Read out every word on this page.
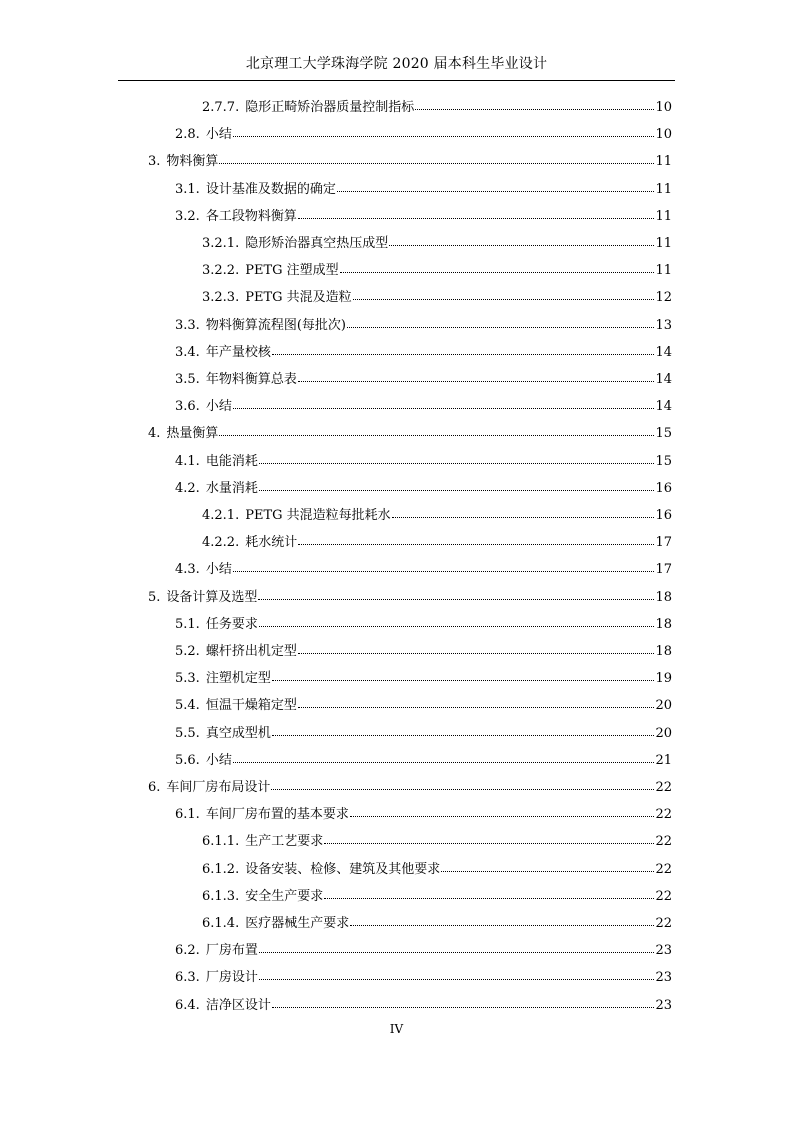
北京理工大学珠海学院 2020 届本科生毕业设计
2.7.7. 隐形正畸矫治器质量控制指标	10
2.8. 小结	10
3. 物料衡算	11
3.1. 设计基准及数据的确定	11
3.2. 各工段物料衡算	11
3.2.1. 隐形矫治器真空热压成型	11
3.2.2. PETG 注塑成型	11
3.2.3. PETG 共混及造粒	12
3.3. 物料衡算流程图(每批次)	13
3.4. 年产量校核	14
3.5. 年物料衡算总表	14
3.6. 小结	14
4. 热量衡算	15
4.1. 电能消耗	15
4.2. 水量消耗	16
4.2.1. PETG 共混造粒每批耗水	16
4.2.2. 耗水统计	17
4.3. 小结	17
5. 设备计算及选型	18
5.1. 任务要求	18
5.2. 螺杆挤出机定型	18
5.3. 注塑机定型	19
5.4. 恒温干燥箱定型	20
5.5. 真空成型机	20
5.6. 小结	21
6. 车间厂房布局设计	22
6.1. 车间厂房布置的基本要求	22
6.1.1. 生产工艺要求	22
6.1.2. 设备安装、检修、建筑及其他要求	22
6.1.3. 安全生产要求	22
6.1.4. 医疗器械生产要求	22
6.2. 厂房布置	23
6.3. 厂房设计	23
6.4. 洁净区设计	23
IV
